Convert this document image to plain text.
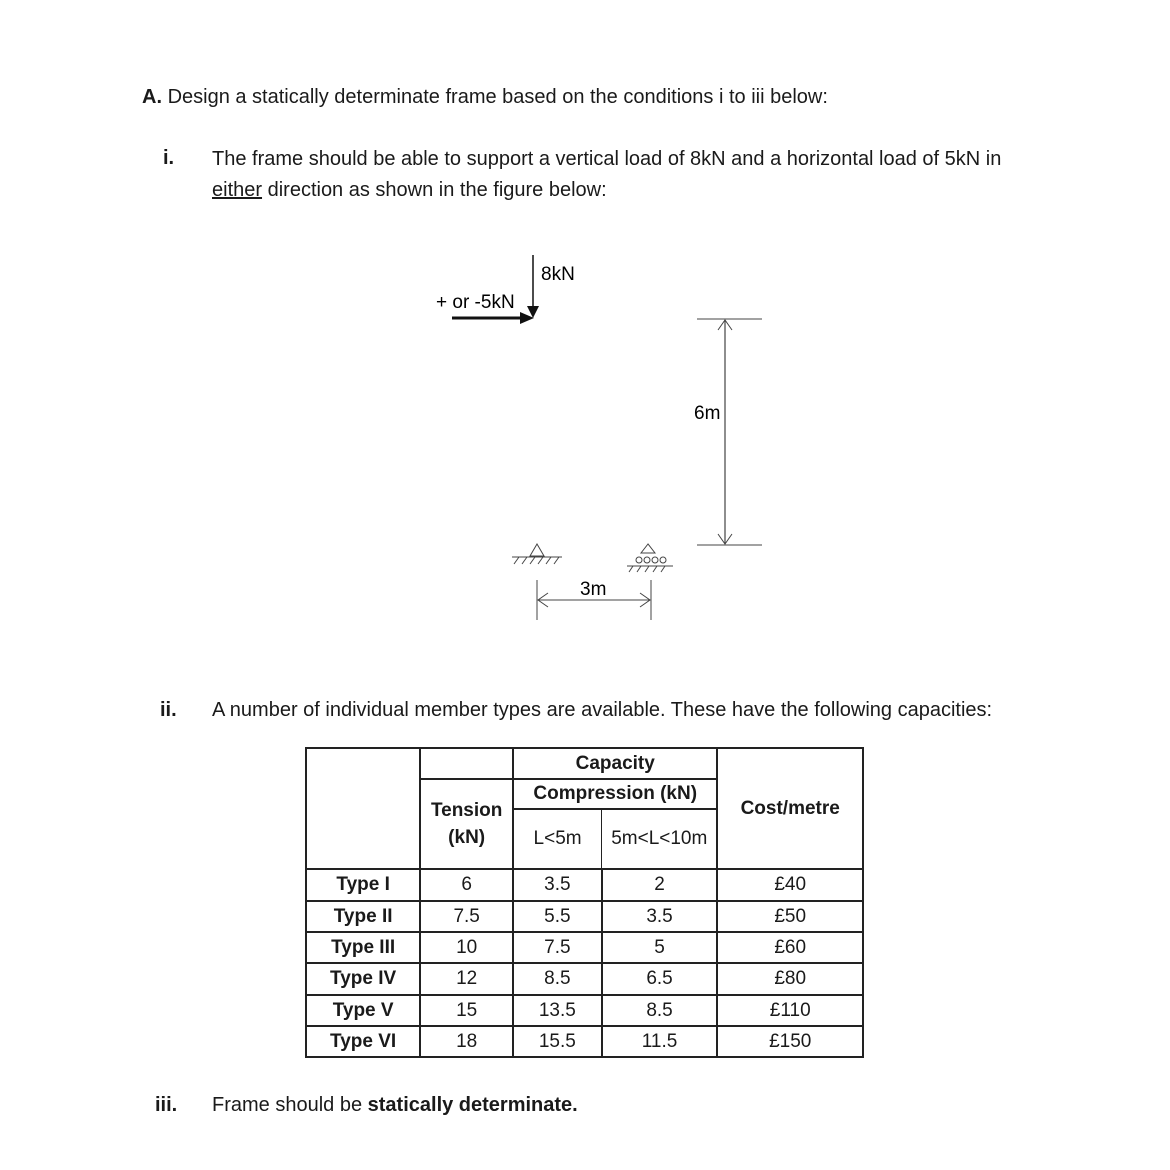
A. Design a statically determinate frame based on the conditions i to iii below:
i. The frame should be able to support a vertical load of 8kN and a horizontal load of 5kN in
either direction as shown in the figure below:
8kN
+ or -5kN
6m
3m
ii. A number of individual member types are available. These have the following capacities:
		Capacity		Cost/metre
	Tension
(kN)	Compression (kN)		
		L<5m	5m<L<10m	
Type I	6	3.5	2	£40
Type II	7.5	5.5	3.5	£50
Type III	10	7.5	5	£60
Type IV	12	8.5	6.5	£80
Type V	15	13.5	8.5	£110
Type VI	18	15.5	11.5	£150
iii. Frame should be statically determinate.
